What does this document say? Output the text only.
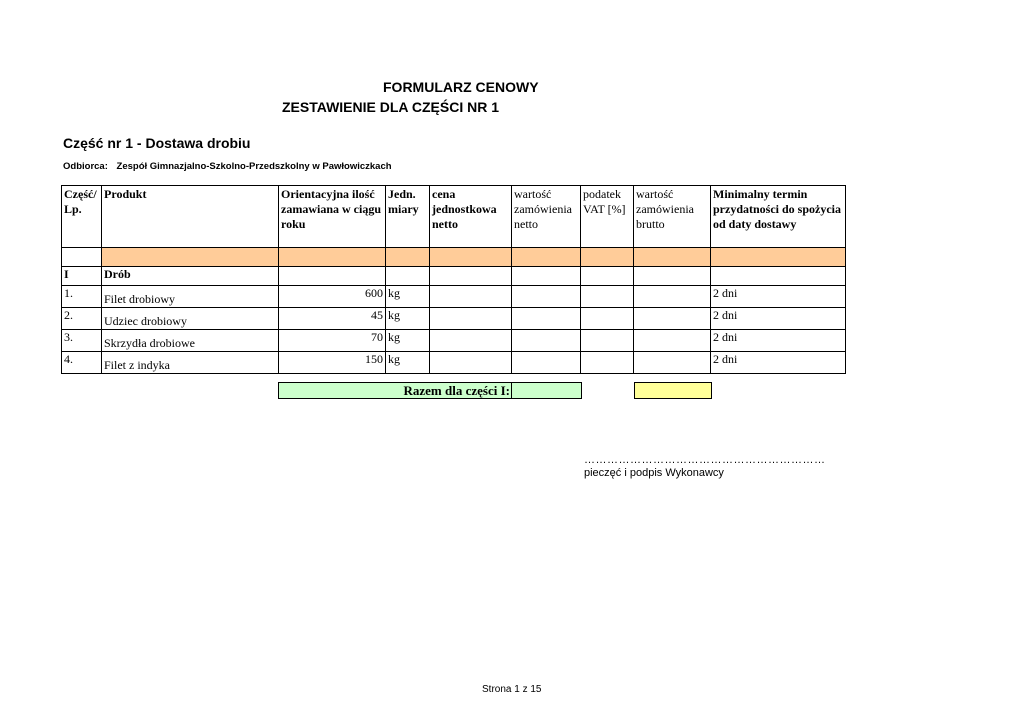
FORMULARZ CENOWY
ZESTAWIENIE DLA CZĘŚCI NR 1
Część nr 1 - Dostawa drobiu
Odbiorca: Zespół Gimnazjalno-Szkolno-Przedszkolny w Pawłowiczkach
Część/ Lp.	Produkt	Orientacyjna ilość zamawiana w ciągu roku	Jedn. miary	cena jednostkowa netto	wartość zamówienia netto	podatek VAT [%]	wartość zamówienia brutto	Minimalny termin przydatności do spożycia od daty dostawy

I	Drób							
1.	Filet drobiowy	600	kg					2 dni
2.	Udziec drobiowy	45	kg					2 dni
3.	Skrzydła drobiowe	70	kg					2 dni
4.	Filet z indyka	150	kg					2 dni
Razem dla części I:
………………………………………………………
pieczęć i podpis Wykonawcy
Strona 1 z 15
